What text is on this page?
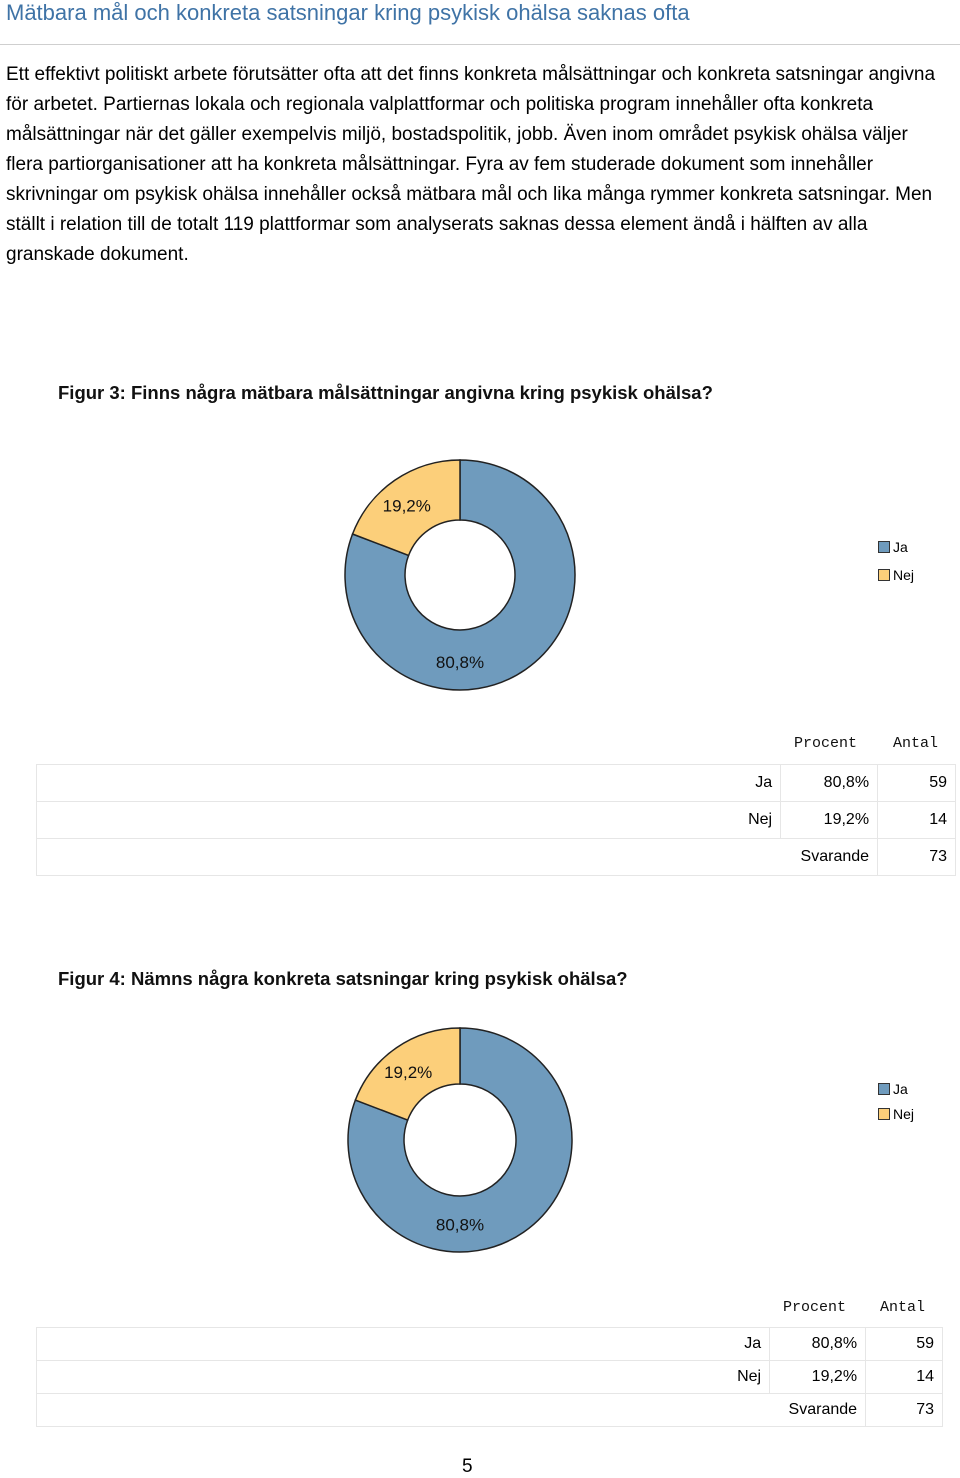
Mätbara mål och konkreta satsningar kring psykisk ohälsa saknas ofta
Ett effektivt politiskt arbete förutsätter ofta att det finns konkreta målsättningar och konkreta satsningar angivna för arbetet. Partiernas lokala och regionala valplattformar och politiska program innehåller ofta konkreta målsättningar när det gäller exempelvis miljö, bostadspolitik, jobb. Även inom området psykisk ohälsa väljer flera partiorganisationer att ha konkreta målsättningar. Fyra av fem studerade dokument som innehåller skrivningar om psykisk ohälsa innehåller också mätbara mål och lika många rymmer konkreta satsningar. Men ställt i relation till de totalt 119 plattformar som analyserats saknas dessa element ändå i hälften av alla granskade dokument.
Figur 3: Finns några mätbara målsättningar angivna kring psykisk ohälsa?
80,8%
19,2%
Ja
Nej
Procent Antal
Ja	80,8%	59
Nej	19,2%	14
Svarande		73
Figur 4: Nämns några konkreta satsningar kring psykisk ohälsa?
80,8%
19,2%
Ja
Nej
Procent Antal
Ja	80,8%	59
Nej	19,2%	14
Svarande		73
5
